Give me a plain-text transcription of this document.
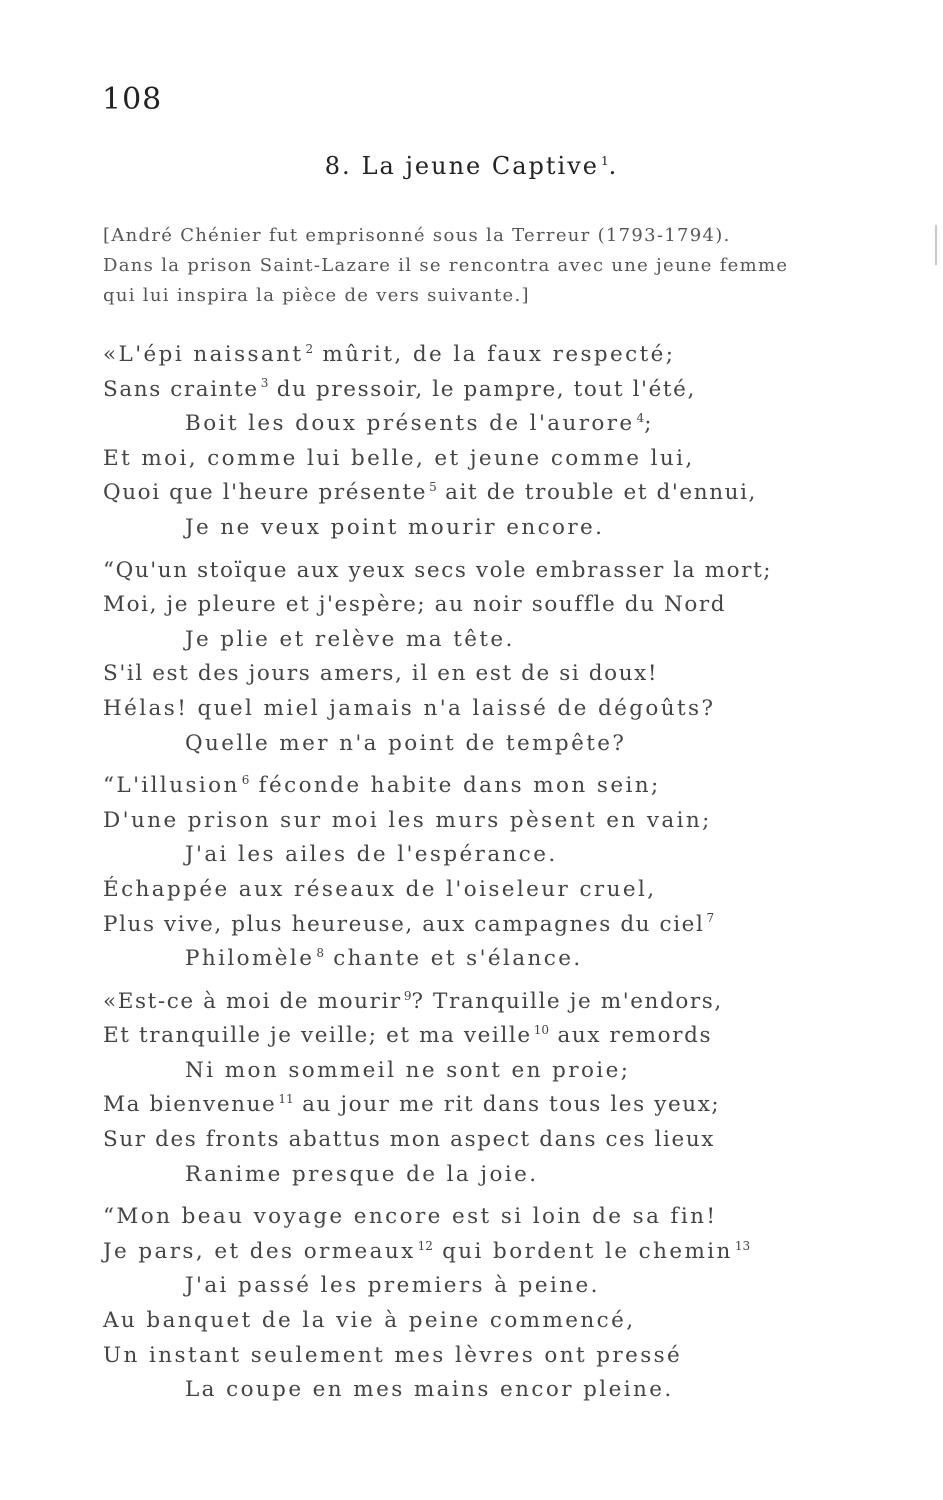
108
8. La jeune Captive $^1$.
[André Chénier fut emprisonné sous la Terreur (1793-1794).
Dans la prison Saint-Lazare il se rencontra avec une jeune femme
qui lui inspira la pièce de vers suivante.]
«L'épi naissant $^2$ mûrit, de la faux respecté;
Sans crainte $^3$ du pressoir, le pampre, tout l'été,
Boit les doux présents de l'aurore $^4$;
Et moi, comme lui belle, et jeune comme lui,
Quoi que l'heure présente $^5$ ait de trouble et d'ennui,
Je ne veux point mourir encore.
“Qu'un stoïque aux yeux secs vole embrasser la mort;
Moi, je pleure et j'espère; au noir souffle du Nord
Je plie et relève ma tête.
S'il est des jours amers, il en est de si doux!
Hélas! quel miel jamais n'a laissé de dégoûts?
Quelle mer n'a point de tempête?
“L'illusion $^6$ féconde habite dans mon sein;
D'une prison sur moi les murs pèsent en vain;
J'ai les ailes de l'espérance.
Échappée aux réseaux de l'oiseleur cruel,
Plus vive, plus heureuse, aux campagnes du ciel $^7$
Philomèle $^8$ chante et s'élance.
«Est-ce à moi de mourir $^9$? Tranquille je m'endors,
Et tranquille je veille; et ma veille $^{10}$ aux remords
Ni mon sommeil ne sont en proie;
Ma bienvenue $^{11}$ au jour me rit dans tous les yeux;
Sur des fronts abattus mon aspect dans ces lieux
Ranime presque de la joie.
“Mon beau voyage encore est si loin de sa fin!
Je pars, et des ormeaux $^{12}$ qui bordent le chemin $^{13}$
J'ai passé les premiers à peine.
Au banquet de la vie à peine commencé,
Un instant seulement mes lèvres ont pressé
La coupe en mes mains encor pleine.
